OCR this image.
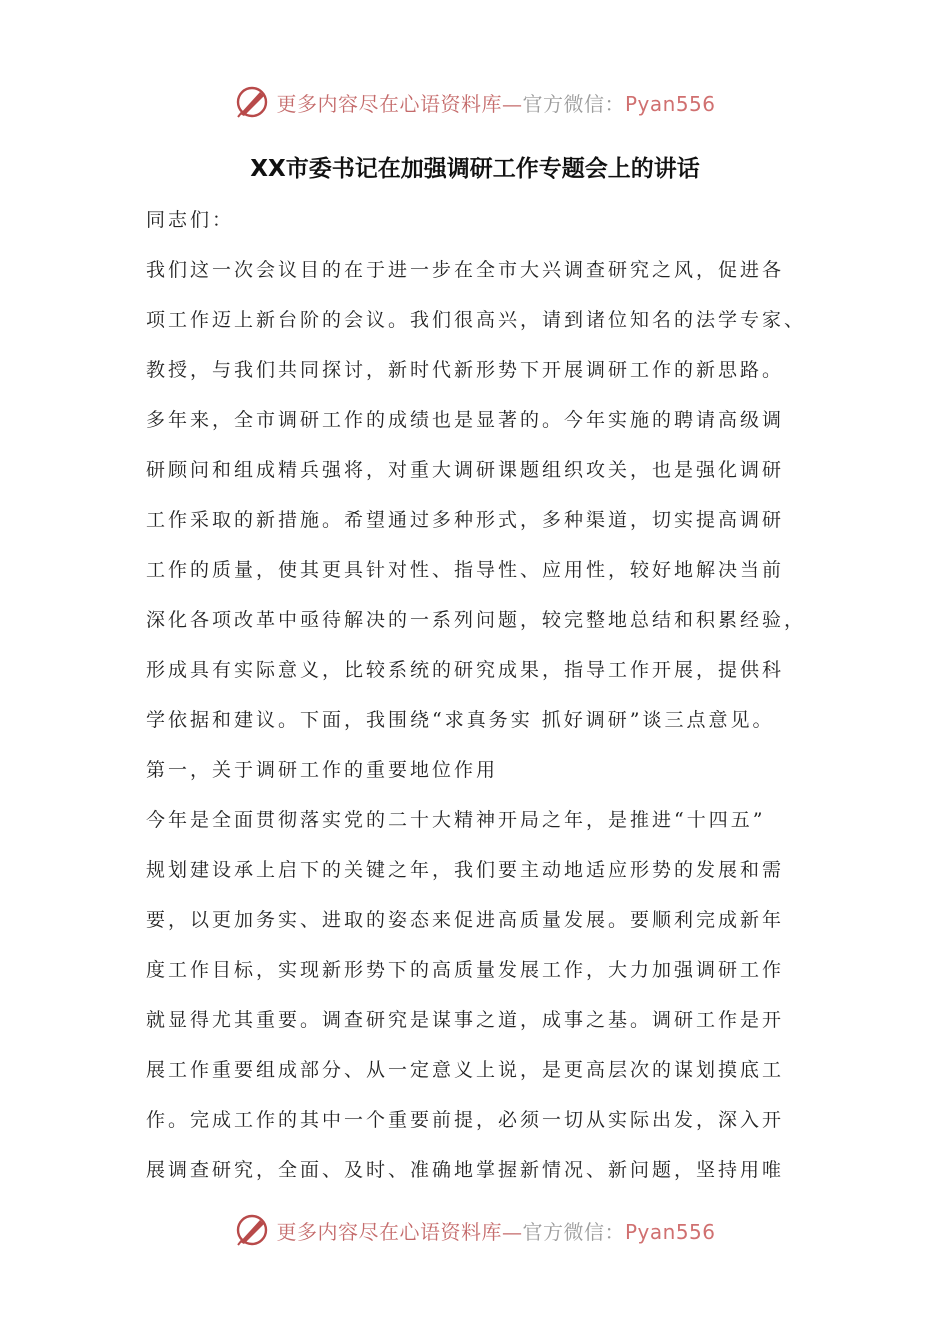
更多内容尽在心语资料库—官方微信：Pyan556
XX市委书记在加强调研工作专题会上的讲话
同志们：
我们这一次会议目的在于进一步在全市大兴调查研究之风，促进各
项工作迈上新台阶的会议。我们很高兴，请到诸位知名的法学专家、
教授，与我们共同探讨，新时代新形势下开展调研工作的新思路。
多年来，全市调研工作的成绩也是显著的。今年实施的聘请高级调
研顾问和组成精兵强将，对重大调研课题组织攻关，也是强化调研
工作采取的新措施。希望通过多种形式，多种渠道，切实提高调研
工作的质量，使其更具针对性、指导性、应用性，较好地解决当前
深化各项改革中亟待解决的一系列问题，较完整地总结和积累经验，
形成具有实际意义，比较系统的研究成果，指导工作开展，提供科
学依据和建议。下面，我围绕“求真务实 抓好调研”谈三点意见。
第一，关于调研工作的重要地位作用
今年是全面贯彻落实党的二十大精神开局之年，是推进“十四五”
规划建设承上启下的关键之年，我们要主动地适应形势的发展和需
要，以更加务实、进取的姿态来促进高质量发展。要顺利完成新年
度工作目标，实现新形势下的高质量发展工作，大力加强调研工作
就显得尤其重要。调查研究是谋事之道，成事之基。调研工作是开
展工作重要组成部分、从一定意义上说，是更高层次的谋划摸底工
作。完成工作的其中一个重要前提，必须一切从实际出发，深入开
展调查研究，全面、及时、准确地掌握新情况、新问题，坚持用唯
更多内容尽在心语资料库—官方微信：Pyan556
